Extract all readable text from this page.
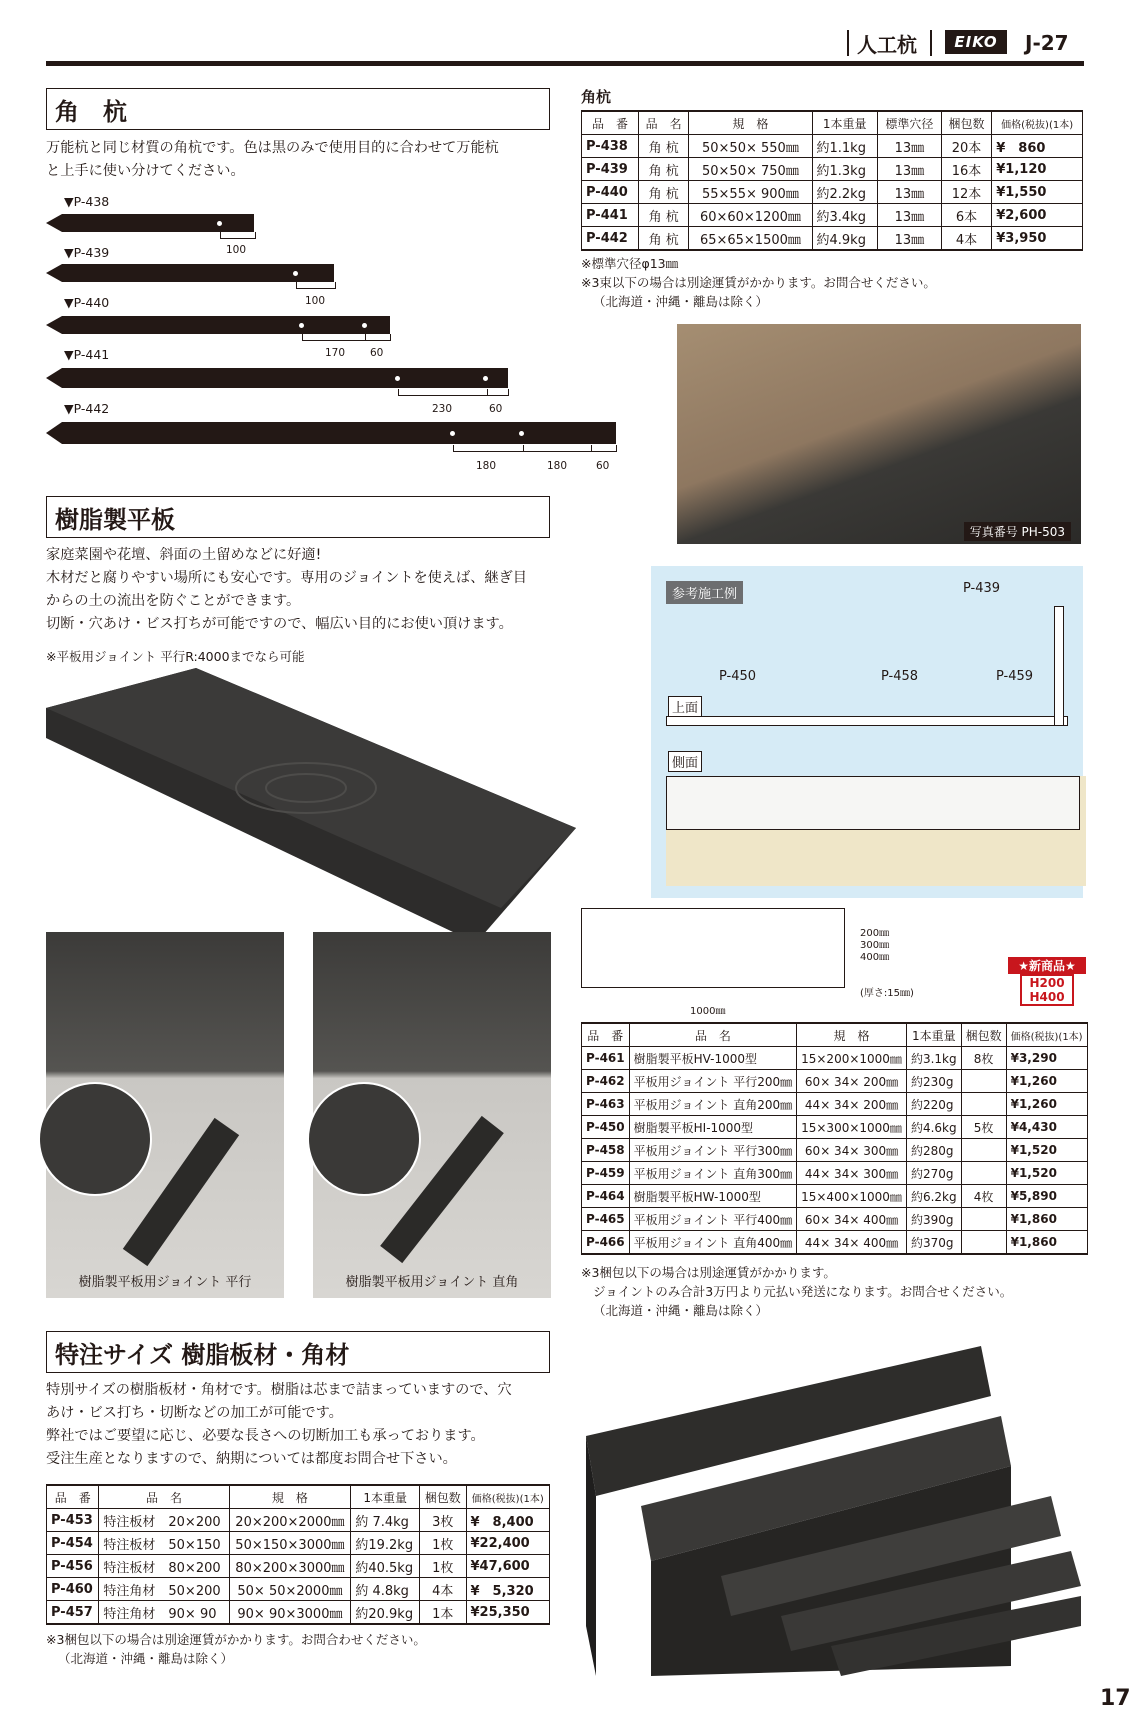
人工杭	EIKO	J-27
角　杭
万能杭と同じ材質の角杭です。色は黒のみで使用目的に合わせて万能杭
と上手に使い分けてください。
▼P-438
100
▼P-439
100
▼P-440
170 60
▼P-441
230	60
▼P-442
180	180	60
角杭
品　番	品　名	規　格	1本重量	標準穴径	梱包数	価格(税抜)(1本)
P-438	角 杭	50×50× 550㎜	約1.1kg	13㎜	20本	¥　860
P-439	角 杭	50×50× 750㎜	約1.3kg	13㎜	16本	¥1,120
P-440	角 杭	55×55× 900㎜	約2.2kg	13㎜	12本	¥1,550
P-441	角 杭	60×60×1200㎜	約3.4kg	13㎜	6本	¥2,600
P-442	角 杭	65×65×1500㎜	約4.9kg	13㎜	4本	¥3,950
※標準穴径φ13㎜
※3束以下の場合は別途運賃がかかります。お問合せください。
（北海道・沖縄・離島は除く）
写真番号 PH-503
樹脂製平板
家庭菜園や花壇、斜面の土留めなどに好適!
木材だと腐りやすい場所にも安心です。専用のジョイントを使えば、継ぎ目
からの土の流出を防ぐことができます。
切断・穴あけ・ビス打ちが可能ですので、幅広い目的にお使い頂けます。
※平板用ジョイント 平行R:4000までなら可能
樹脂製平板用ジョイント 平行	樹脂製平板用ジョイント 直角
参考施工例	P-439
P-450	P-458	P-459
上面
側面
200㎜
300㎜
400㎜
1000㎜
(厚さ:15㎜)
★新商品★
H200
H400
品　番	品　名	規　格	1本重量	梱包数	価格(税抜)(1本)
P-461	樹脂製平板HV-1000型	15×200×1000㎜	約3.1kg	8枚	¥3,290
P-462	平板用ジョイント 平行200㎜	60× 34× 200㎜	約230g		¥1,260
P-463	平板用ジョイント 直角200㎜	44× 34× 200㎜	約220g		¥1,260
P-450	樹脂製平板HI-1000型	15×300×1000㎜	約4.6kg	5枚	¥4,430
P-458	平板用ジョイント 平行300㎜	60× 34× 300㎜	約280g		¥1,520
P-459	平板用ジョイント 直角300㎜	44× 34× 300㎜	約270g		¥1,520
P-464	樹脂製平板HW-1000型	15×400×1000㎜	約6.2kg	4枚	¥5,890
P-465	平板用ジョイント 平行400㎜	60× 34× 400㎜	約390g		¥1,860
P-466	平板用ジョイント 直角400㎜	44× 34× 400㎜	約370g		¥1,860
※3梱包以下の場合は別途運賃がかかります。
ジョイントのみ合計3万円より元払い発送になります。お問合せください。
（北海道・沖縄・離島は除く）
特注サイズ 樹脂板材・角材
特別サイズの樹脂板材・角材です。樹脂は芯まで詰まっていますので、穴
あけ・ビス打ち・切断などの加工が可能です。
弊社ではご要望に応じ、必要な長さへの切断加工も承っております。
受注生産となりますので、納期については都度お問合せ下さい。
品　番	品　名	規　格	1本重量	梱包数	価格(税抜)(1本)
P-453	特注板材　20×200	20×200×2000㎜	約 7.4kg	3枚	¥　8,400
P-454	特注板材　50×150	50×150×3000㎜	約19.2kg	1枚	¥22,400
P-456	特注板材　80×200	80×200×3000㎜	約40.5kg	1枚	¥47,600
P-460	特注角材　50×200	50× 50×2000㎜	約 4.8kg	4本	¥　5,320
P-457	特注角材　90× 90	90× 90×3000㎜	約20.9kg	1本	¥25,350
※3梱包以下の場合は別途運賃がかかります。お問合わせください。
（北海道・沖縄・離島は除く）
17
